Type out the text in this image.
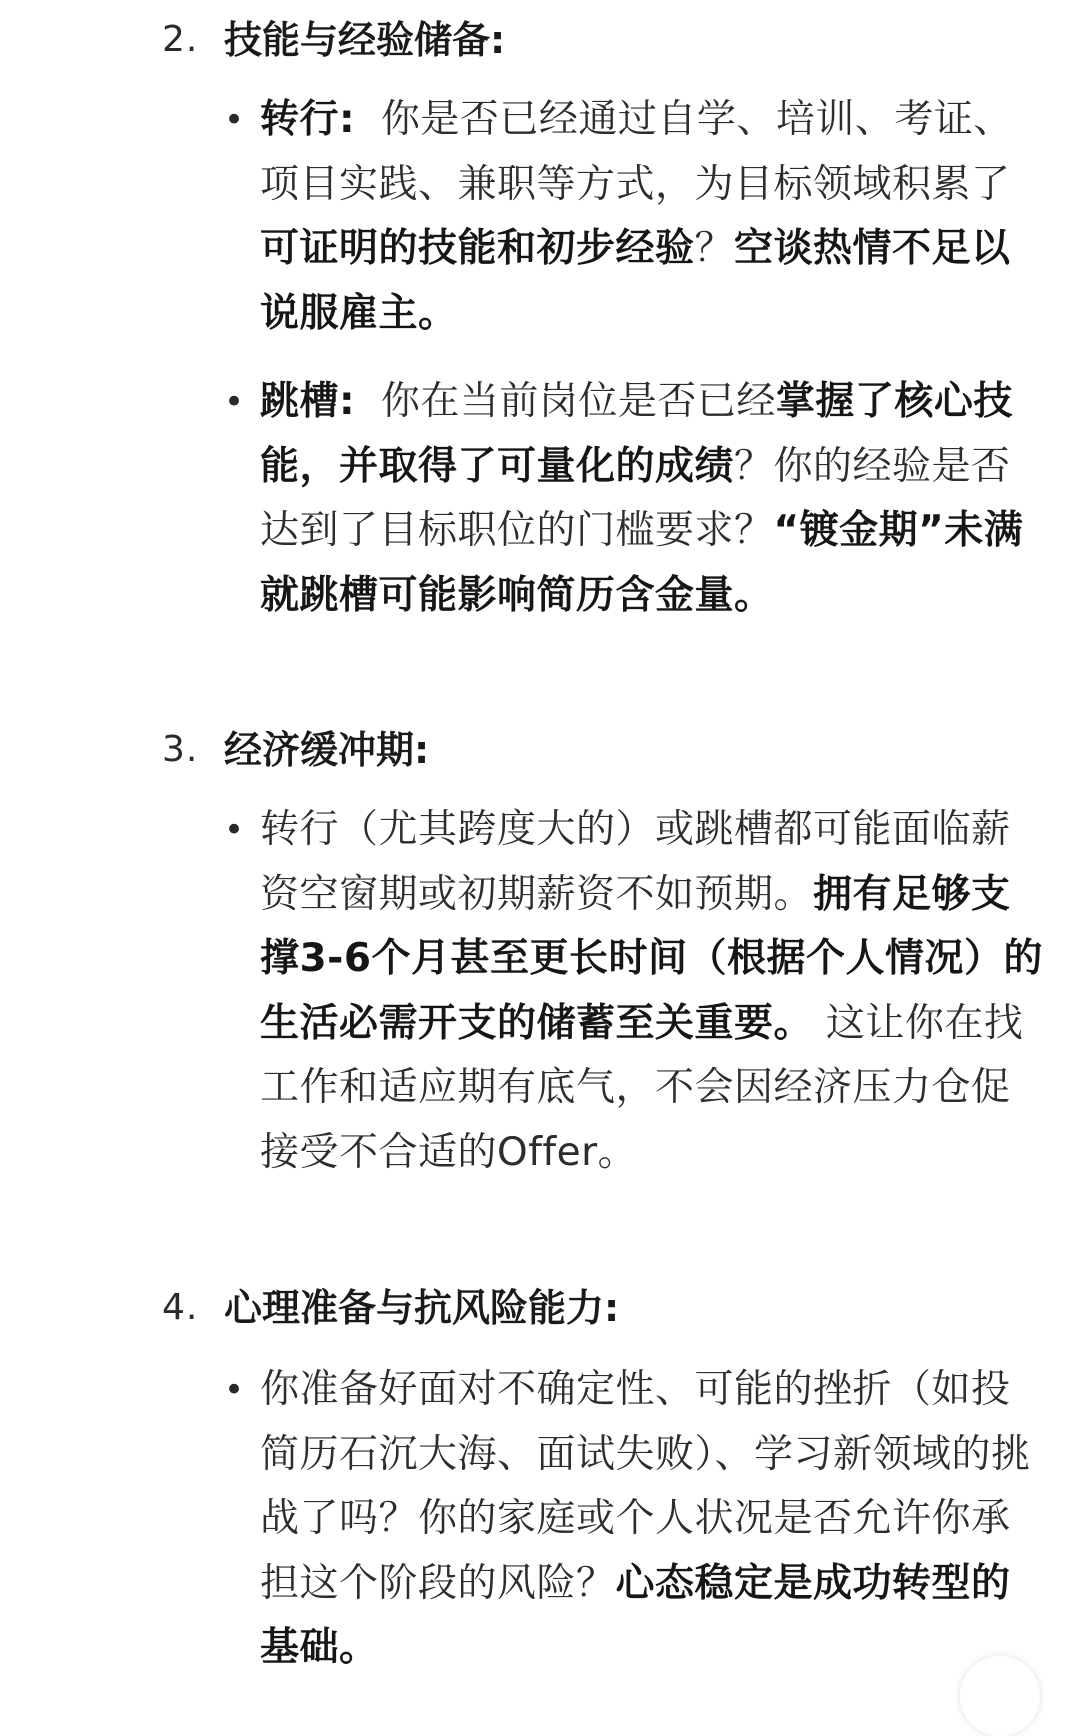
2. 技能与经验储备:
• 转行: 你是否已经通过自学、培训、考证、项目实践、兼职等方式，为目标领域积累了可证明的技能和初步经验？空谈热情不足以说服雇主。
• 跳槽: 你在当前岗位是否已经掌握了核心技能，并取得了可量化的成绩？你的经验是否达到了目标职位的门槛要求？“镀金期”未满就跳槽可能影响简历含金量。
3. 经济缓冲期:
• 转行（尤其跨度大的）或跳槽都可能面临薪资空窗期或初期薪资不如预期。拥有足够支撑3-6个月甚至更长时间（根据个人情况）的生活必需开支的储蓄至关重要。 这让你在找工作和适应期有底气，不会因经济压力仓促接受不合适的Offer。
4. 心理准备与抗风险能力:
• 你准备好面对不确定性、可能的挫折（如投简历石沉大海、面试失败）、学习新领域的挑战了吗？你的家庭或个人状况是否允许你承担这个阶段的风险？心态稳定是成功转型的基础。
